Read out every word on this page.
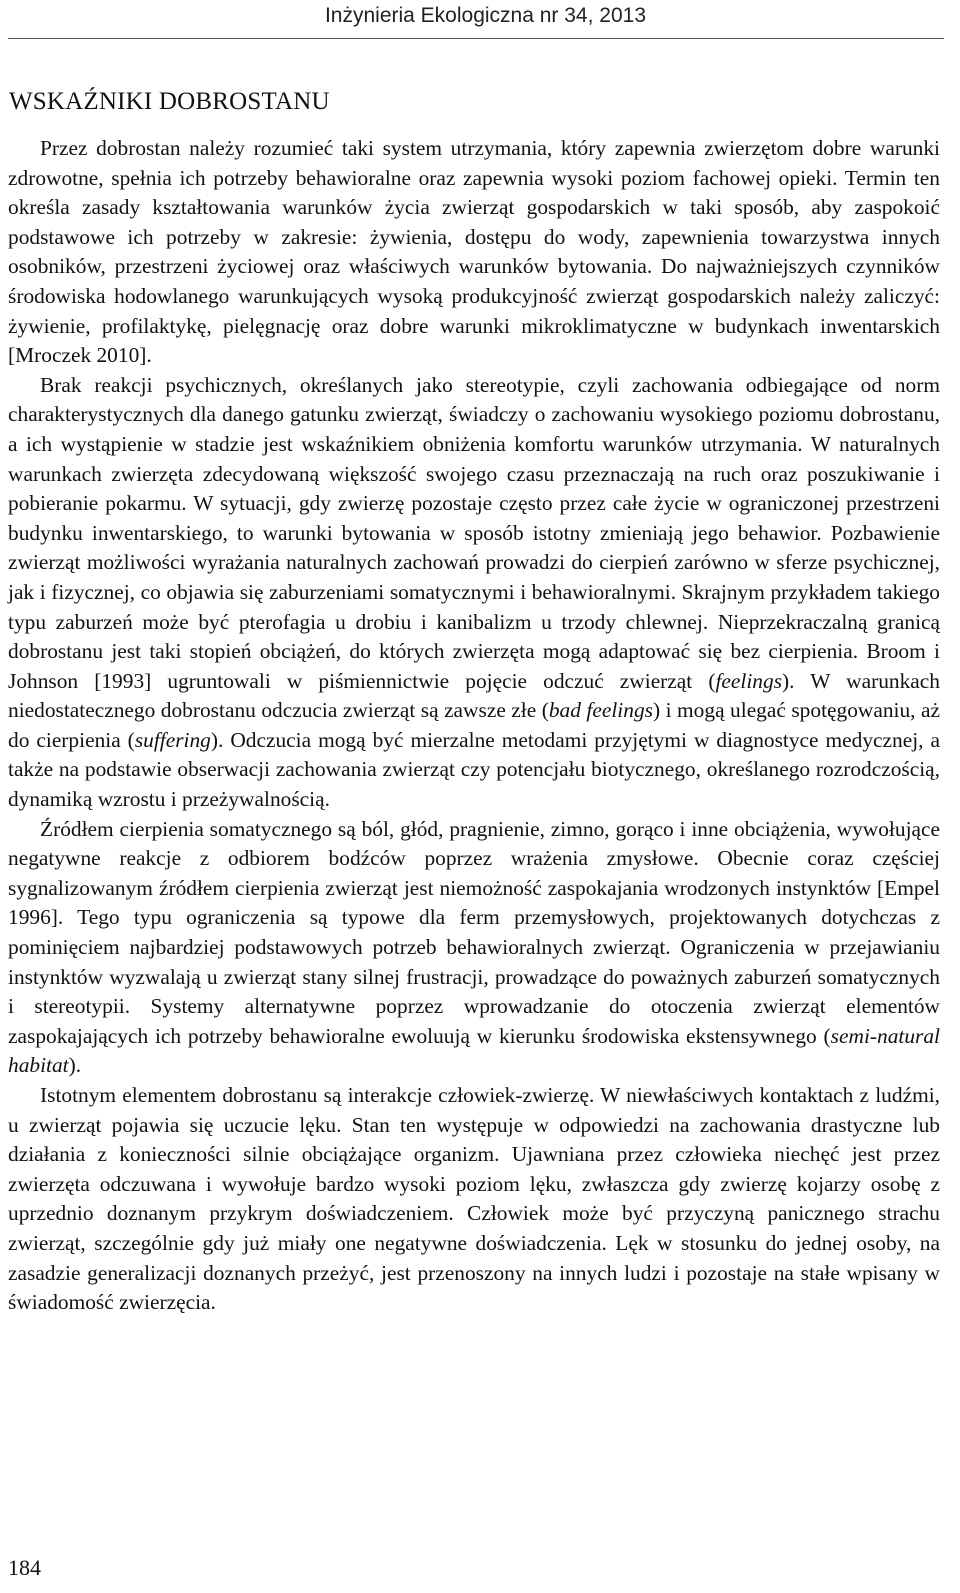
Inżynieria Ekologiczna nr 34, 2013
WSKAŹNIKI DOBROSTANU

Przez dobrostan należy rozumieć taki system utrzymania, który zapewnia zwierzętom dobre warunki zdrowotne, spełnia ich potrzeby behawioralne oraz zapewnia wysoki poziom fachowej opieki. Termin ten określa zasady kształtowania warunków życia zwierząt gospodarskich w taki sposób, aby zaspokoić podstawowe ich potrzeby w zakresie: żywienia, dostępu do wody, zapewnienia towarzystwa innych osobników, przestrzeni życiowej oraz właściwych warunków bytowania. Do najważniejszych czynników środowiska hodowlanego warunkujących wysoką produkcyjność zwierząt gospodarskich należy zaliczyć: żywienie, profilaktykę, pielęgnację oraz dobre warunki mikroklimatyczne w budynkach inwentarskich [Mroczek 2010].

Brak reakcji psychicznych, określanych jako stereotypie, czyli zachowania odbiegające od norm charakterystycznych dla danego gatunku zwierząt, świadczy o zachowaniu wysokiego poziomu dobrostanu, a ich wystąpienie w stadzie jest wskaźnikiem obniżenia komfortu warunków utrzymania. W naturalnych warunkach zwierzęta zdecydowaną większość swojego czasu przeznaczają na ruch oraz poszukiwanie i pobieranie pokarmu. W sytuacji, gdy zwierzę pozostaje często przez całe życie w ograniczonej przestrzeni budynku inwentarskiego, to warunki bytowania w sposób istotny zmieniają jego behawior. Pozbawienie zwierząt możliwości wyrażania naturalnych zachowań prowadzi do cierpień zarówno w sferze psychicznej, jak i fizycznej, co objawia się zaburzeniami somatycznymi i behawioralnymi. Skrajnym przykładem takiego typu zaburzeń może być pterofagia u drobiu i kanibalizm u trzody chlewnej. Nieprzekraczalną granicą dobrostanu jest taki stopień obciążeń, do których zwierzęta mogą adaptować się bez cierpienia. Broom i Johnson [1993] ugruntowali w piśmiennictwie pojęcie odczuć zwierząt (feelings). W warunkach niedostatecznego dobrostanu odczucia zwierząt są zawsze złe (bad feelings) i mogą ulegać spotęgowaniu, aż do cierpienia (suffering). Odczucia mogą być mierzalne metodami przyjętymi w diagnostyce medycznej, a także na podstawie obserwacji zachowania zwierząt czy potencjału biotycznego, określanego rozrodczością, dynamiką wzrostu i przeżywalnością.

Źródłem cierpienia somatycznego są ból, głód, pragnienie, zimno, gorąco i inne obciążenia, wywołujące negatywne reakcje z odbiorem bodźców poprzez wrażenia zmysłowe. Obecnie coraz częściej sygnalizowanym źródłem cierpienia zwierząt jest niemożność zaspokajania wrodzonych instynktów [Empel 1996]. Tego typu ograniczenia są typowe dla ferm przemysłowych, projektowanych dotychczas z pominięciem najbardziej podstawowych potrzeb behawioralnych zwierząt. Ograniczenia w przejawianiu instynktów wyzwalają u zwierząt stany silnej frustracji, prowadzące do poważnych zaburzeń somatycznych i stereotypii. Systemy alternatywne poprzez wprowadzanie do otoczenia zwierząt elementów zaspokajających ich potrzeby behawioralne ewoluują w kierunku środowiska ekstensywnego (semi-natural habitat).

Istotnym elementem dobrostanu są interakcje człowiek-zwierzę. W niewłaściwych kontaktach z ludźmi, u zwierząt pojawia się uczucie lęku. Stan ten występuje w odpowiedzi na zachowania drastyczne lub działania z konieczności silnie obciążające organizm. Ujawniana przez człowieka niechęć jest przez zwierzęta odczuwana i wywołuje bardzo wysoki poziom lęku, zwłaszcza gdy zwierzę kojarzy osobę z uprzednio doznanym przykrym doświadczeniem. Człowiek może być przyczyną panicznego strachu zwierząt, szczególnie gdy już miały one negatywne doświadczenia. Lęk w stosunku do jednej osoby, na zasadzie generalizacji doznanych przeżyć, jest przenoszony na innych ludzi i pozostaje na stałe wpisany w świadomość zwierzęcia.

184
